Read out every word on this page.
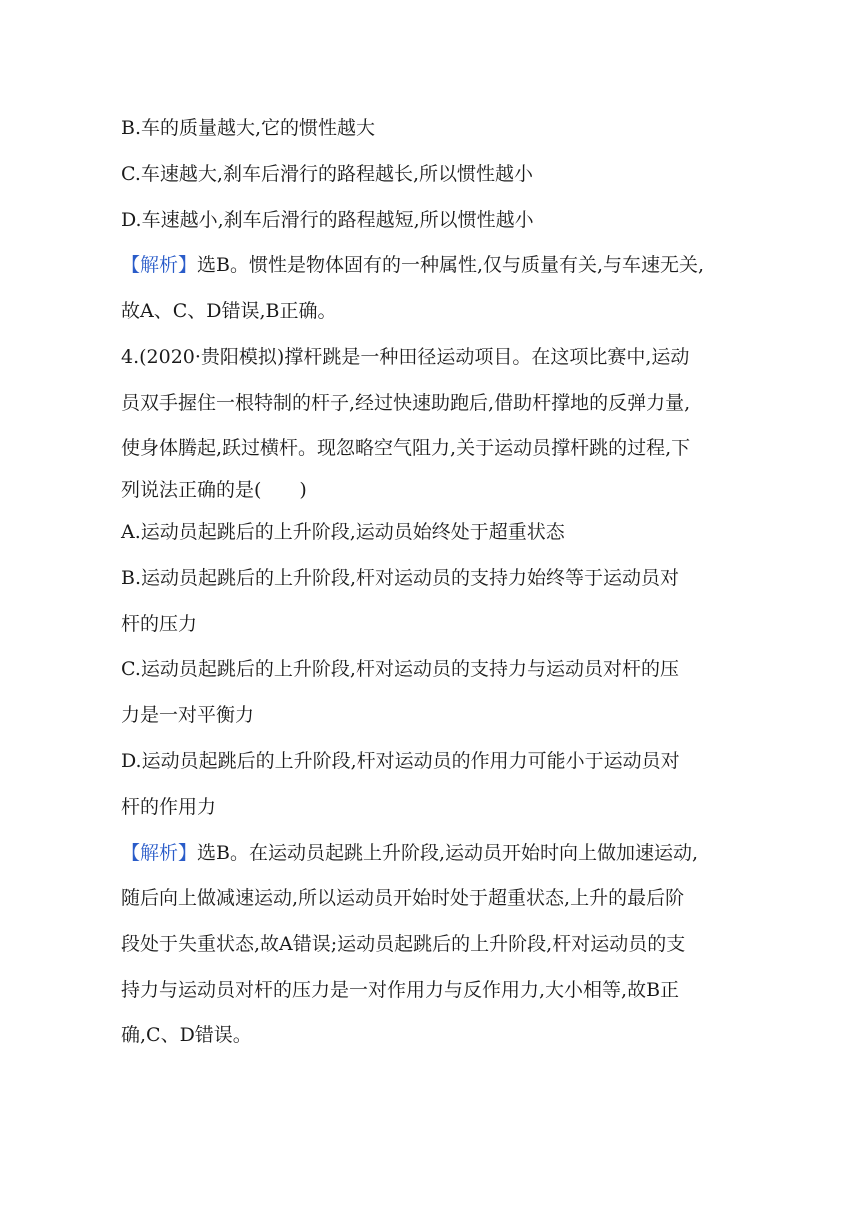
B.车的质量越大,它的惯性越大
C.车速越大,刹车后滑行的路程越长,所以惯性越小
D.车速越小,刹车后滑行的路程越短,所以惯性越小
【解析】选B。惯性是物体固有的一种属性,仅与质量有关,与车速无关,
故A、C、D错误,B正确。
4.(2020·贵阳模拟)撑杆跳是一种田径运动项目。在这项比赛中,运动
员双手握住一根特制的杆子,经过快速助跑后,借助杆撑地的反弹力量,
使身体腾起,跃过横杆。现忽略空气阻力,关于运动员撑杆跳的过程,下
列说法正确的是(　　)
A.运动员起跳后的上升阶段,运动员始终处于超重状态
B.运动员起跳后的上升阶段,杆对运动员的支持力始终等于运动员对
杆的压力
C.运动员起跳后的上升阶段,杆对运动员的支持力与运动员对杆的压
力是一对平衡力
D.运动员起跳后的上升阶段,杆对运动员的作用力可能小于运动员对
杆的作用力
【解析】选B。在运动员起跳上升阶段,运动员开始时向上做加速运动,
随后向上做减速运动,所以运动员开始时处于超重状态,上升的最后阶
段处于失重状态,故A错误;运动员起跳后的上升阶段,杆对运动员的支
持力与运动员对杆的压力是一对作用力与反作用力,大小相等,故B正
确,C、D错误。
